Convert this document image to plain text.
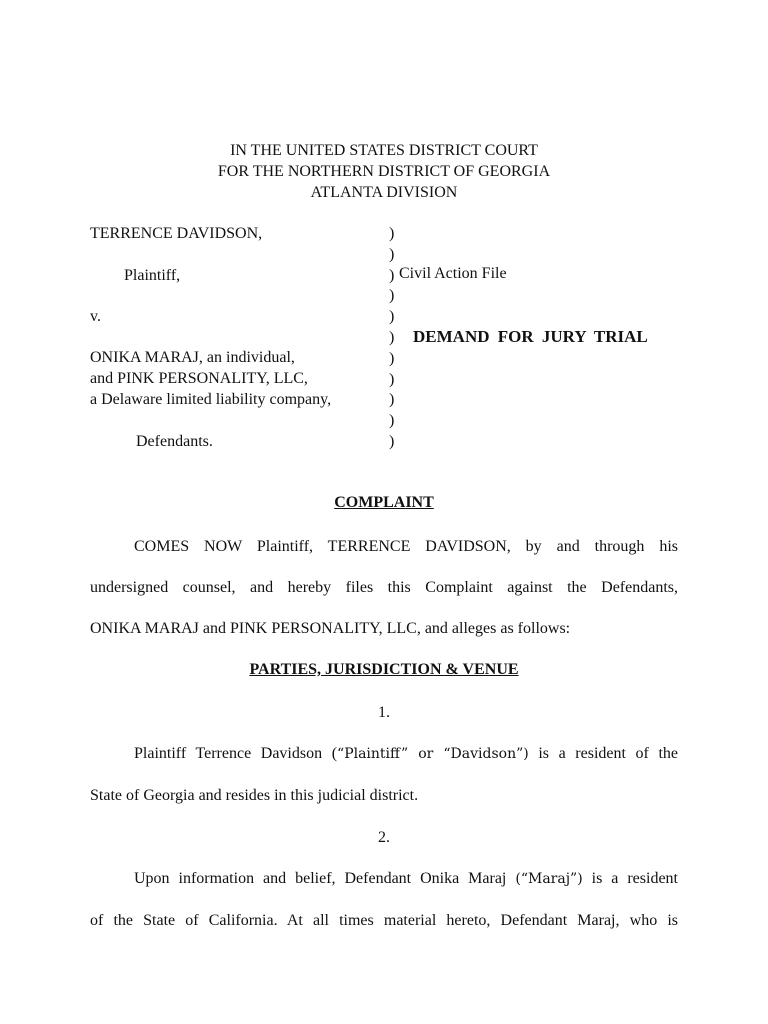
IN THE UNITED STATES DISTRICT COURT
FOR THE NORTHERN DISTRICT OF GEORGIA
ATLANTA DIVISION
TERRENCE DAVIDSON,
Plaintiff,
v.
ONIKA MARAJ, an individual,
and PINK PERSONALITY, LLC,
a Delaware limited liability company,
Defendants.
)
)
)
)
)
)
)
)
)
)
)
Civil Action File
DEMAND FOR JURY TRIAL
COMPLAINT
COMES NOW Plaintiff, TERRENCE DAVIDSON, by and through his
undersigned counsel, and hereby files this Complaint against the Defendants,
ONIKA MARAJ and PINK PERSONALITY, LLC, and alleges as follows:
PARTIES, JURISDICTION & VENUE
1.
Plaintiff Terrence Davidson (“Plaintiff” or “Davidson”) is a resident of the
State of Georgia and resides in this judicial district.
2.
Upon information and belief, Defendant Onika Maraj (“Maraj”) is a resident
of the State of California. At all times material hereto, Defendant Maraj, who is
